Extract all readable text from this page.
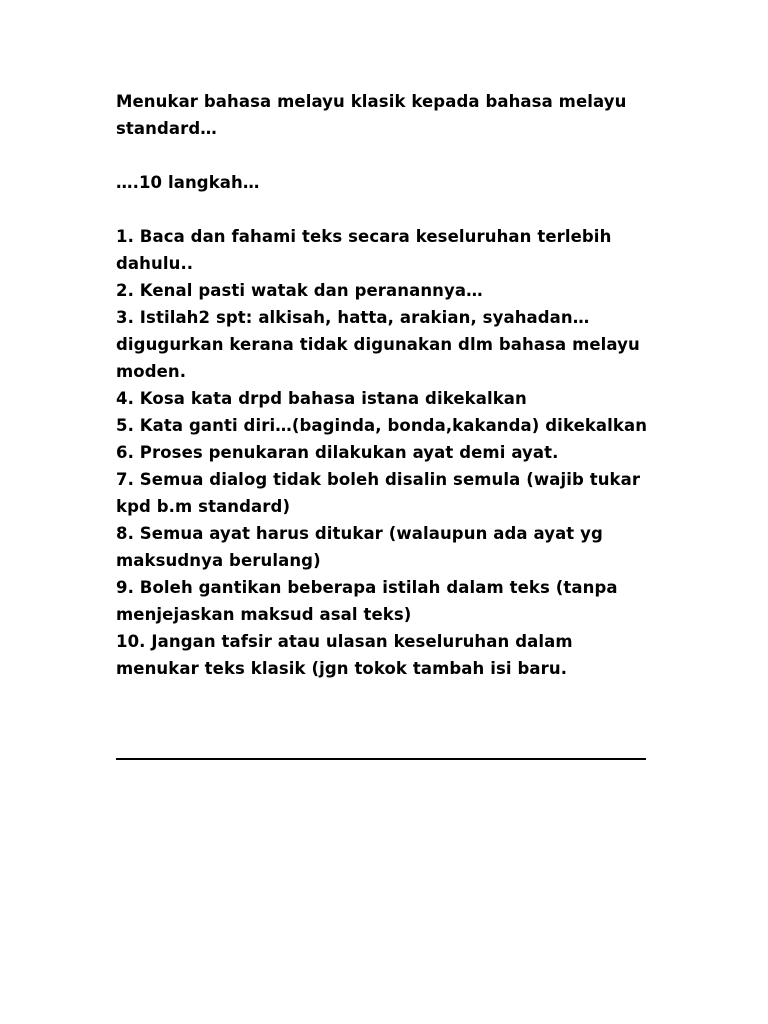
Menukar bahasa melayu klasik kepada bahasa melayu standard…

….10 langkah…

1. Baca dan fahami teks secara keseluruhan terlebih dahulu..

2. Kenal pasti watak dan peranannya…

3. Istilah2 spt: alkisah, hatta, arakian, syahadan… digugurkan kerana tidak digunakan dlm bahasa melayu moden.

4. Kosa kata drpd bahasa istana dikekalkan

5. Kata ganti diri…(baginda, bonda,kakanda) dikekalkan

6. Proses penukaran dilakukan ayat demi ayat.

7. Semua dialog tidak boleh disalin semula (wajib tukar kpd b.m standard)

8. Semua ayat harus ditukar (walaupun ada ayat yg maksudnya berulang)

9. Boleh gantikan beberapa istilah dalam teks (tanpa menjejaskan maksud asal teks)

10. Jangan tafsir atau ulasan keseluruhan dalam menukar teks klasik (jgn tokok tambah isi baru.
